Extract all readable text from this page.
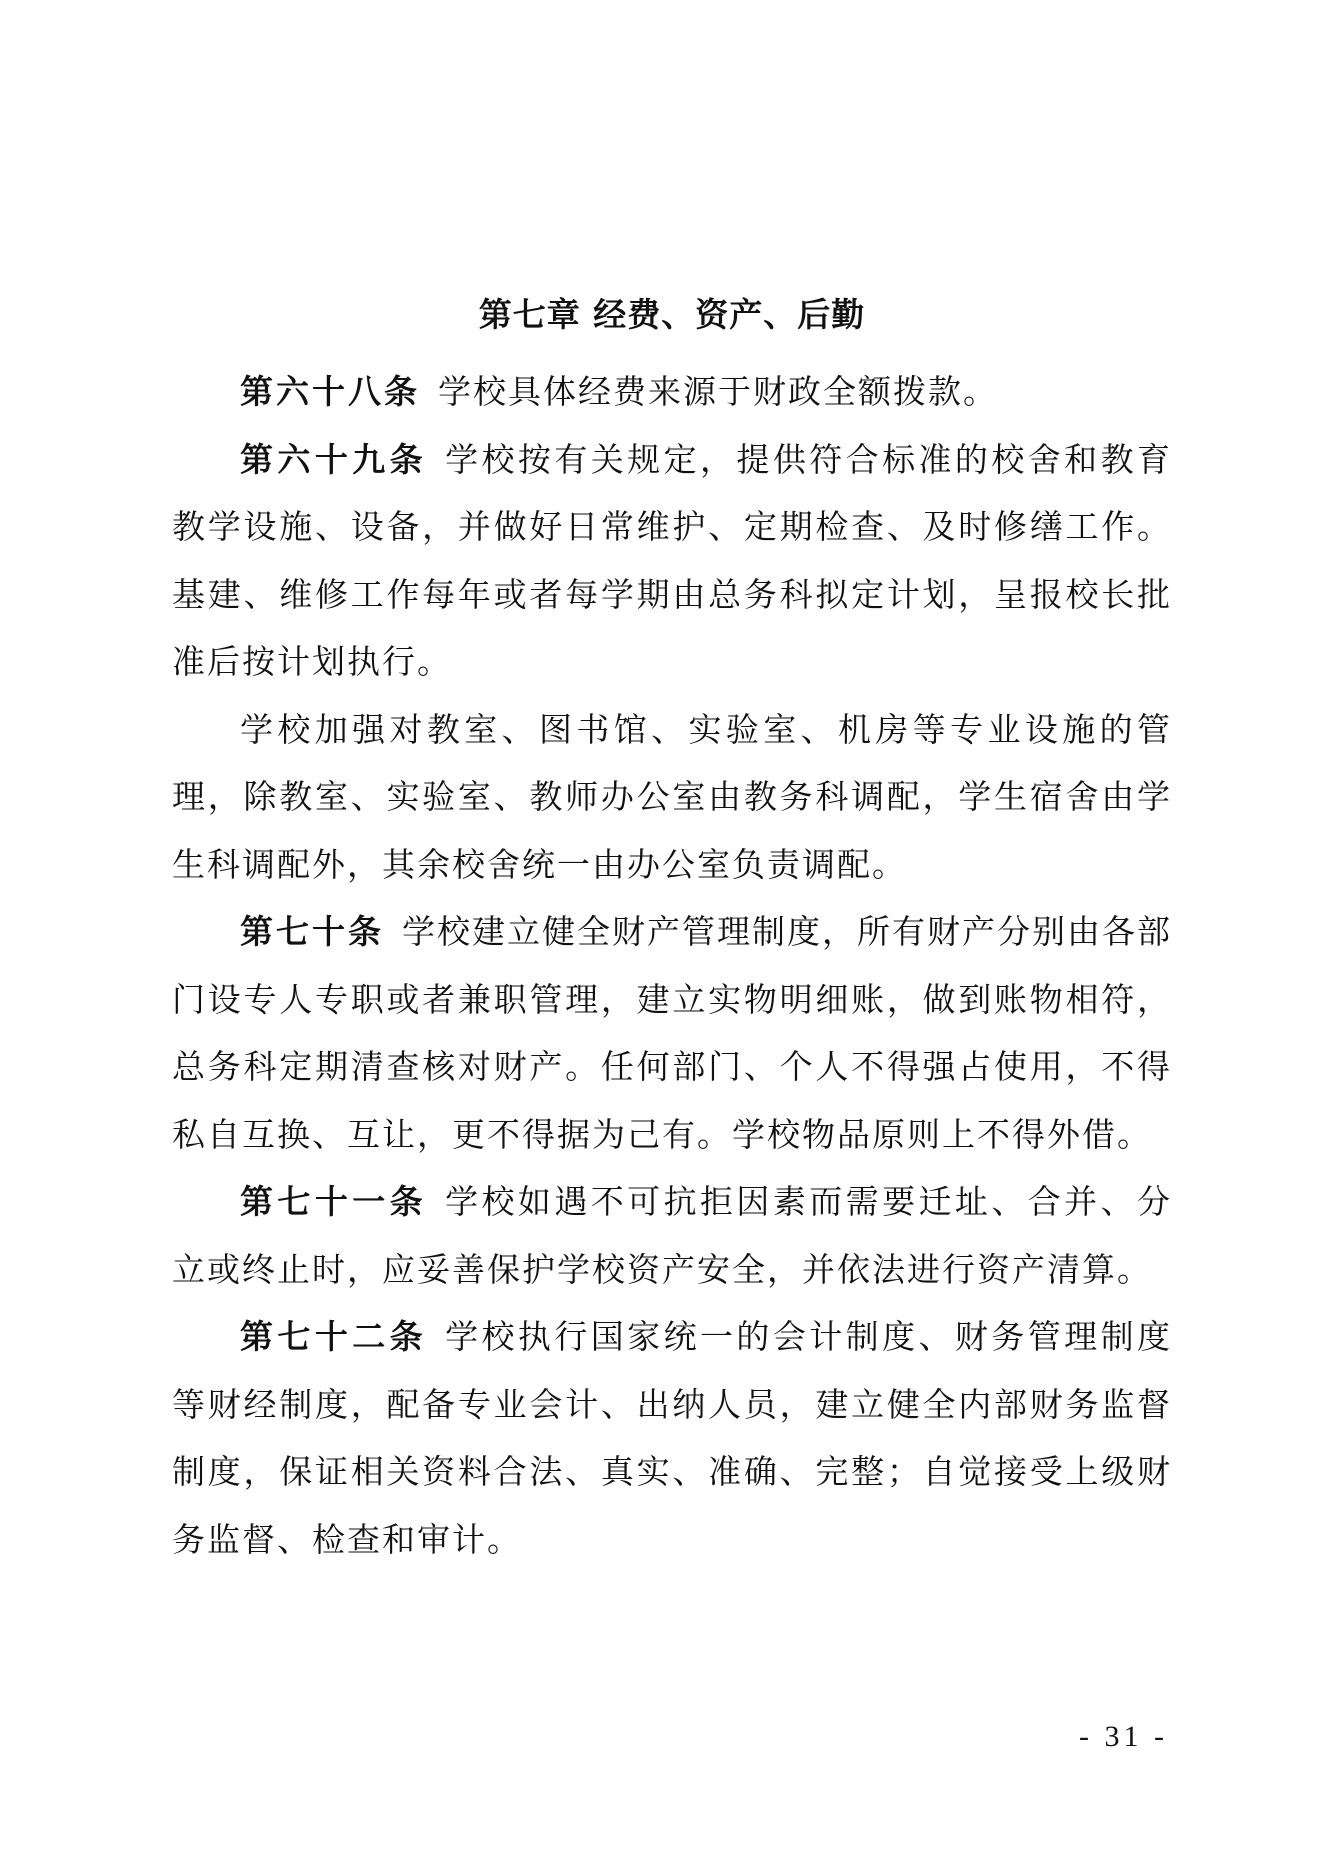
第七章 经费、资产、后勤

第六十八条 学校具体经费来源于财政全额拨款。

第六十九条 学校按有关规定，提供符合标准的校舍和教育教学设施、设备，并做好日常维护、定期检查、及时修缮工作。基建、维修工作每年或者每学期由总务科拟定计划，呈报校长批准后按计划执行。

学校加强对教室、图书馆、实验室、机房等专业设施的管理，除教室、实验室、教师办公室由教务科调配，学生宿舍由学生科调配外，其余校舍统一由办公室负责调配。

第七十条 学校建立健全财产管理制度，所有财产分别由各部门设专人专职或者兼职管理，建立实物明细账，做到账物相符，总务科定期清查核对财产。任何部门、个人不得强占使用，不得私自互换、互让，更不得据为己有。学校物品原则上不得外借。

第七十一条 学校如遇不可抗拒因素而需要迁址、合并、分立或终止时，应妥善保护学校资产安全，并依法进行资产清算。

第七十二条 学校执行国家统一的会计制度、财务管理制度等财经制度，配备专业会计、出纳人员，建立健全内部财务监督制度，保证相关资料合法、真实、准确、完整；自觉接受上级财务监督、检查和审计。

- 31 -
